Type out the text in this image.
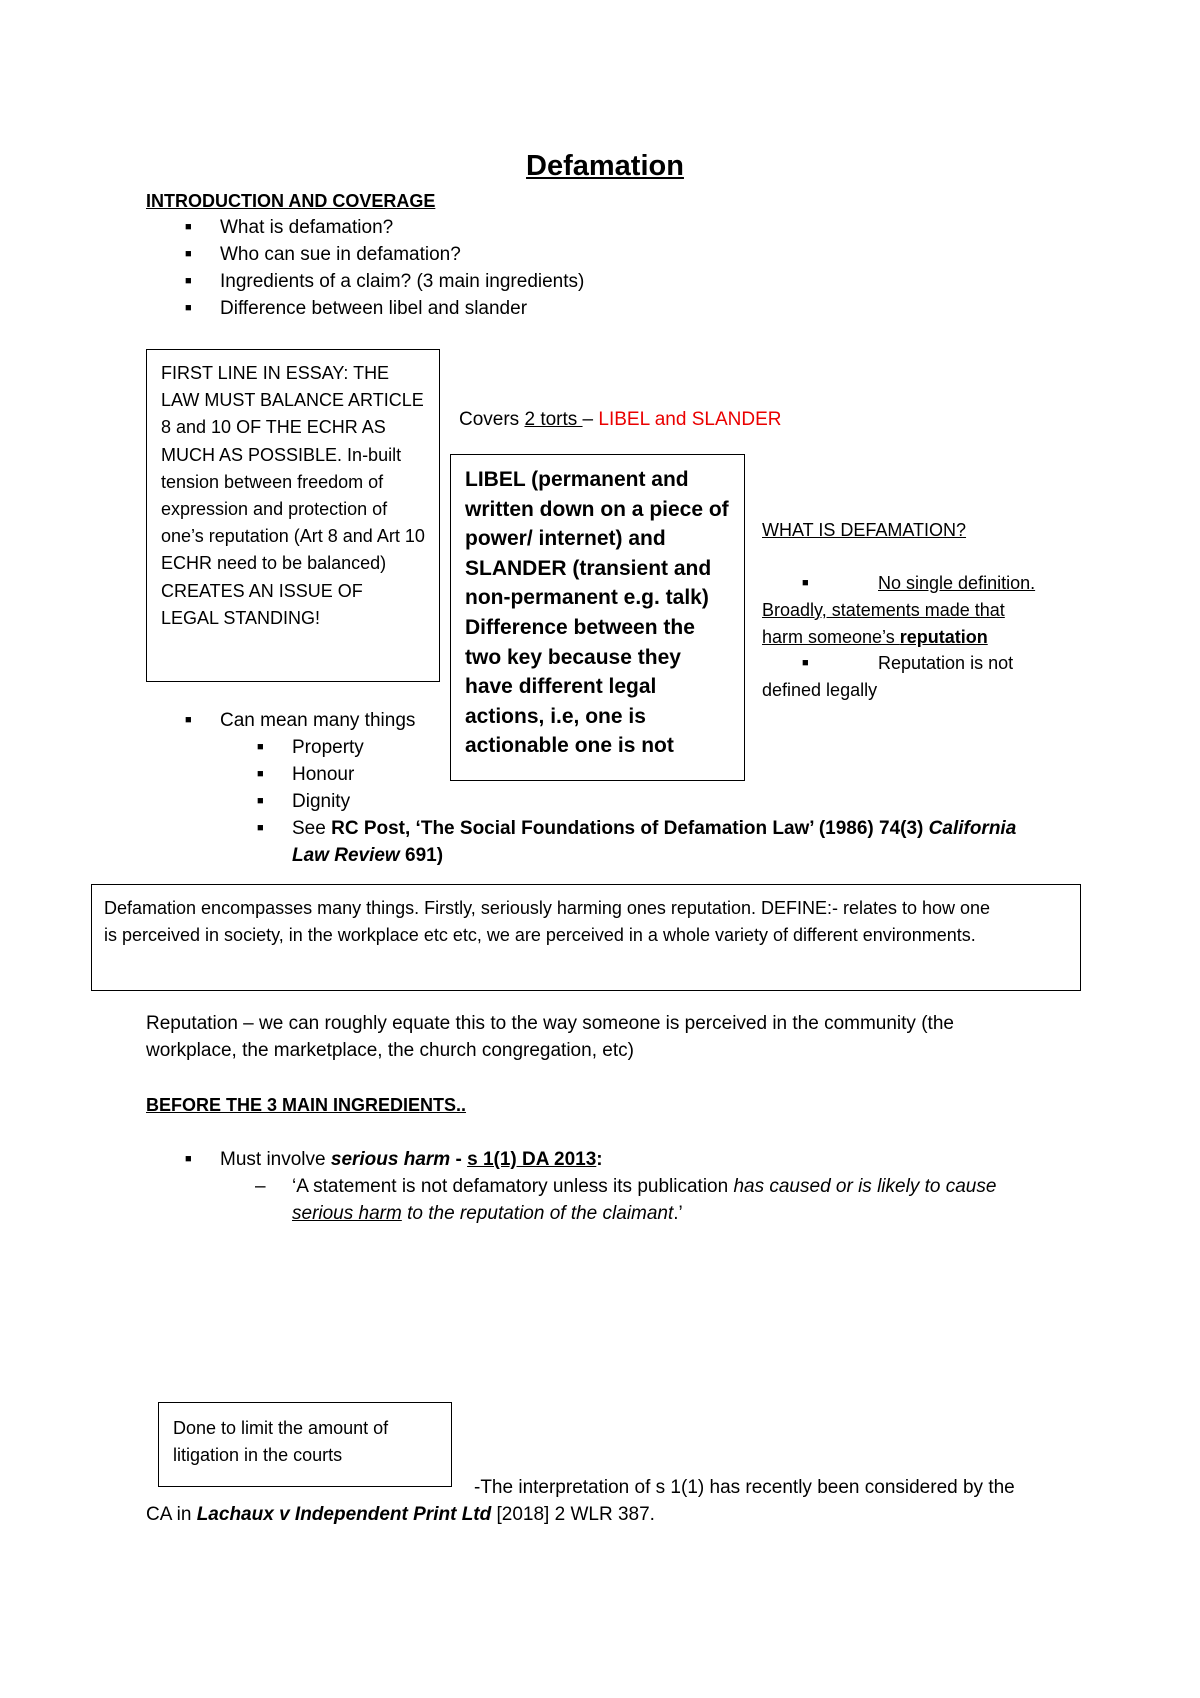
Defamation
INTRODUCTION AND COVERAGE
■ What is defamation?
■ Who can sue in defamation?
■ Ingredients of a claim? (3 main ingredients)
■ Difference between libel and slander

FIRST LINE IN ESSAY: THE LAW MUST BALANCE ARTICLE 8 and 10 OF THE ECHR AS MUCH AS POSSIBLE. In-built tension between freedom of expression and protection of one’s reputation (Art 8 and Art 10 ECHR need to be balanced) CREATES AN ISSUE OF LEGAL STANDING!

Covers 2 torts – LIBEL and SLANDER

LIBEL (permanent and written down on a piece of power/ internet) and SLANDER (transient and non-permanent e.g. talk) Difference between the two key because they have different legal actions, i.e, one is actionable one is not

WHAT IS DEFAMATION?

■	No single definition.
Broadly, statements made that
harm someone’s reputation
■	Reputation is not
defined legally
■ Can mean many things
■ Property
■ Honour
■ Dignity
■ See RC Post, ‘The Social Foundations of Defamation Law’ (1986) 74(3) California
Law Review 691)

Defamation encompasses many things. Firstly, seriously harming ones reputation. DEFINE:- relates to how one

is perceived in society, in the workplace etc etc, we are perceived in a whole variety of different environments.

Reputation – we can roughly equate this to the way someone is perceived in the community (the
workplace, the marketplace, the church congregation, etc)
BEFORE THE 3 MAIN INGREDIENTS..
■ Must involve serious harm - s 1(1) DA 2013:
– ‘A statement is not defamatory unless its publication has caused or is likely to cause
serious harm to the reputation of the claimant.’

Done to limit the amount of

litigation in the courts

-The interpretation of s 1(1) has recently been considered by the
CA in Lachaux v Independent Print Ltd [2018] 2 WLR 387.
